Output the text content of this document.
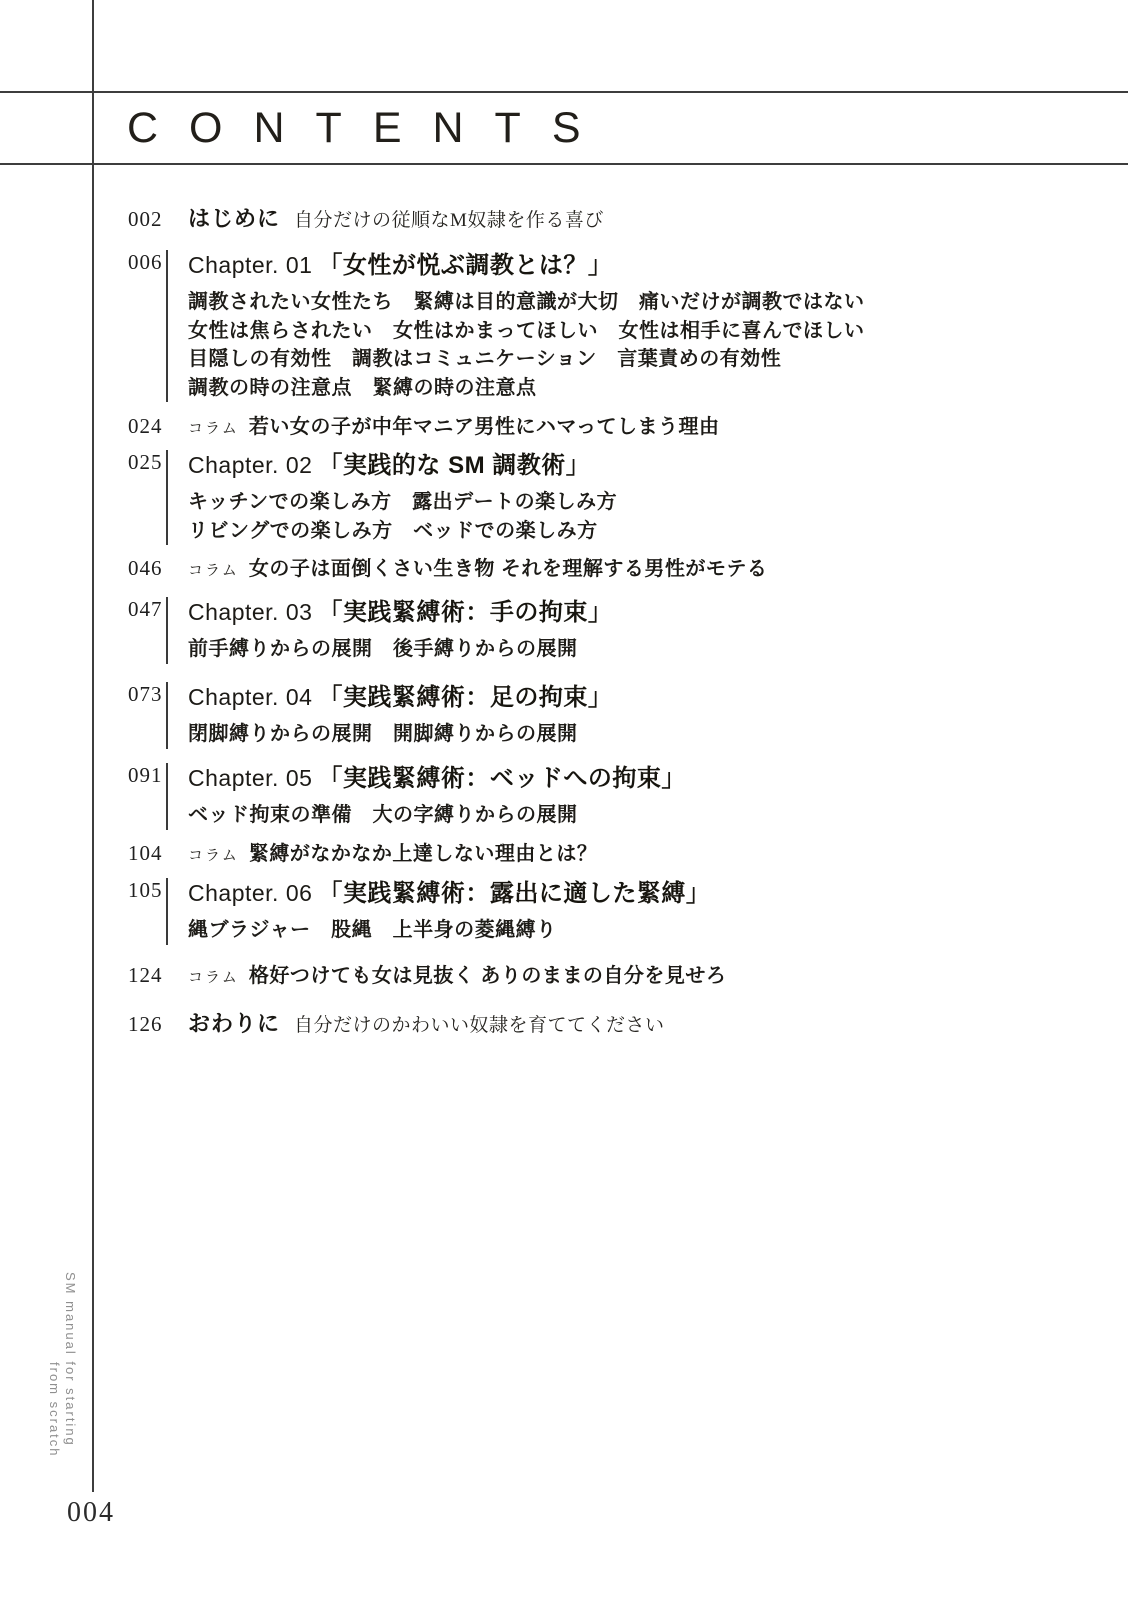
CONTENTS
002 はじめに 自分だけの従順なM奴隷を作る喜び
006 Chapter. 01 「女性が悦ぶ調教とは？」
調教されたい女性たち　緊縛は目的意識が大切　痛いだけが調教ではない
女性は焦らされたい　女性はかまってほしい　女性は相手に喜んでほしい
目隠しの有効性　調教はコミュニケーション　言葉責めの有効性
調教の時の注意点　緊縛の時の注意点
024 コラム 若い女の子が中年マニア男性にハマってしまう理由
025 Chapter. 02 「実践的な SM 調教術」
キッチンでの楽しみ方　露出デートの楽しみ方
リビングでの楽しみ方　ベッドでの楽しみ方
046 コラム 女の子は面倒くさい生き物 それを理解する男性がモテる
047 Chapter. 03 「実践緊縛術：手の拘束」
前手縛りからの展開　後手縛りからの展開
073 Chapter. 04 「実践緊縛術：足の拘束」
閉脚縛りからの展開　開脚縛りからの展開
091 Chapter. 05 「実践緊縛術：ベッドへの拘束」
ベッド拘束の準備　大の字縛りからの展開
104 コラム 緊縛がなかなか上達しない理由とは？
105 Chapter. 06 「実践緊縛術：露出に適した緊縛」
縄ブラジャー　股縄　上半身の菱縄縛り
124 コラム 格好つけても女は見抜く ありのままの自分を見せろ
126 おわりに 自分だけのかわいい奴隷を育ててください
SM manual for starting
from scratch
004
